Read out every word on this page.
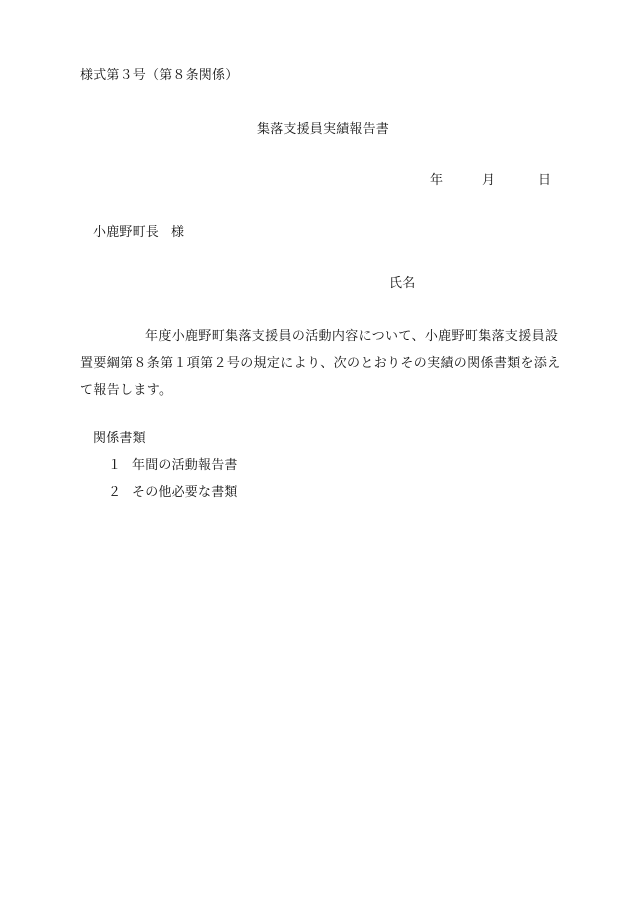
様式第３号（第８条関係）
集落支援員実績報告書
年	月	日
小鹿野町長 様
氏名
年度小鹿野町集落支援員の活動内容について、小鹿野町集落支援員設置要綱第８条第１項第２号の規定により、次のとおりその実績の関係書類を添えて報告します。
関係書類
１ 年間の活動報告書
２ その他必要な書類
